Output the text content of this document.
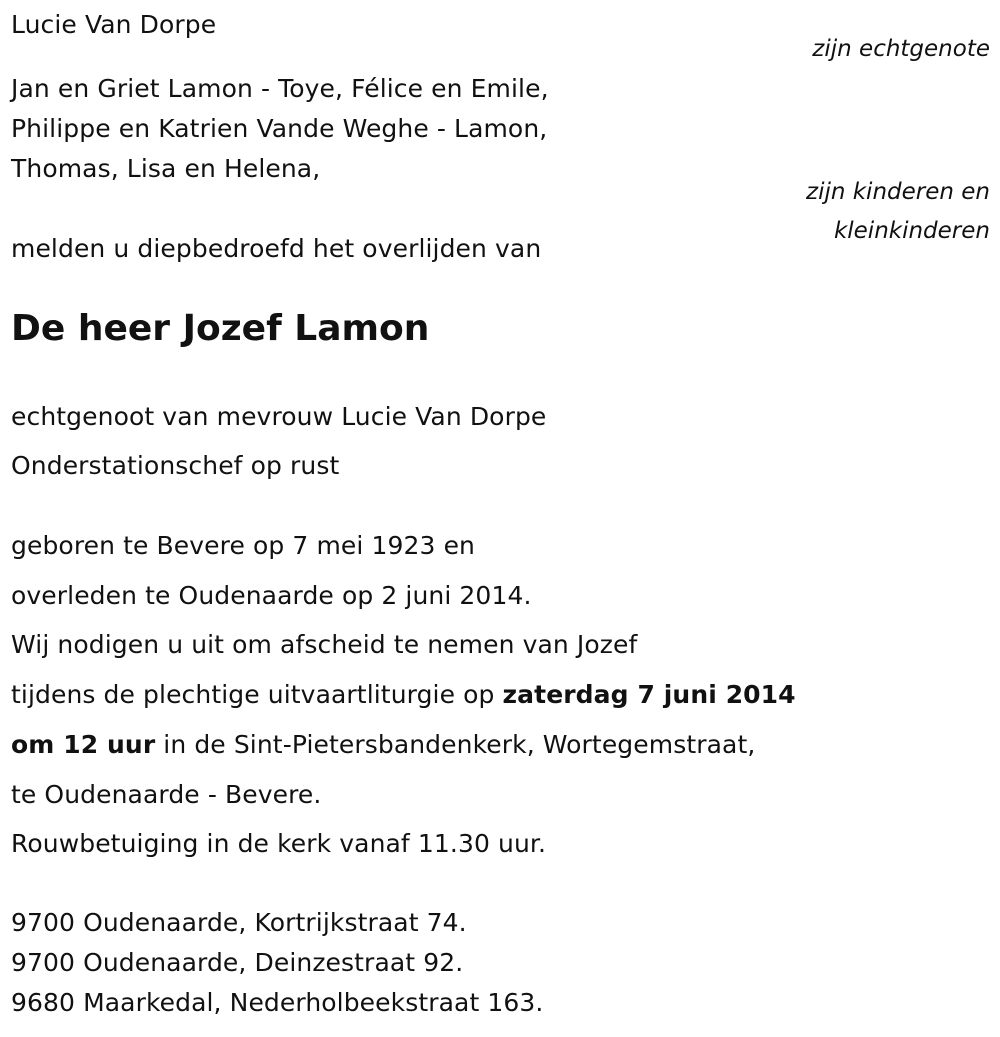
Lucie Van Dorpe
zijn echtgenote
Jan en Griet Lamon - Toye, Félice en Emile,
Philippe en Katrien Vande Weghe - Lamon,
Thomas, Lisa en Helena,
zijn kinderen en
kleinkinderen
melden u diepbedroefd het overlijden van
De heer Jozef Lamon
echtgenoot van mevrouw Lucie Van Dorpe
Onderstationschef op rust
geboren te Bevere op 7 mei 1923 en
overleden te Oudenaarde op 2 juni 2014.
Wij nodigen u uit om afscheid te nemen van Jozef
tijdens de plechtige uitvaartliturgie op zaterdag 7 juni 2014
om 12 uur in de Sint-Pietersbandenkerk, Wortegemstraat,
te Oudenaarde - Bevere.
Rouwbetuiging in de kerk vanaf 11.30 uur.
9700 Oudenaarde, Kortrijkstraat 74.
9700 Oudenaarde, Deinzestraat 92.
9680 Maarkedal, Nederholbeekstraat 163.
